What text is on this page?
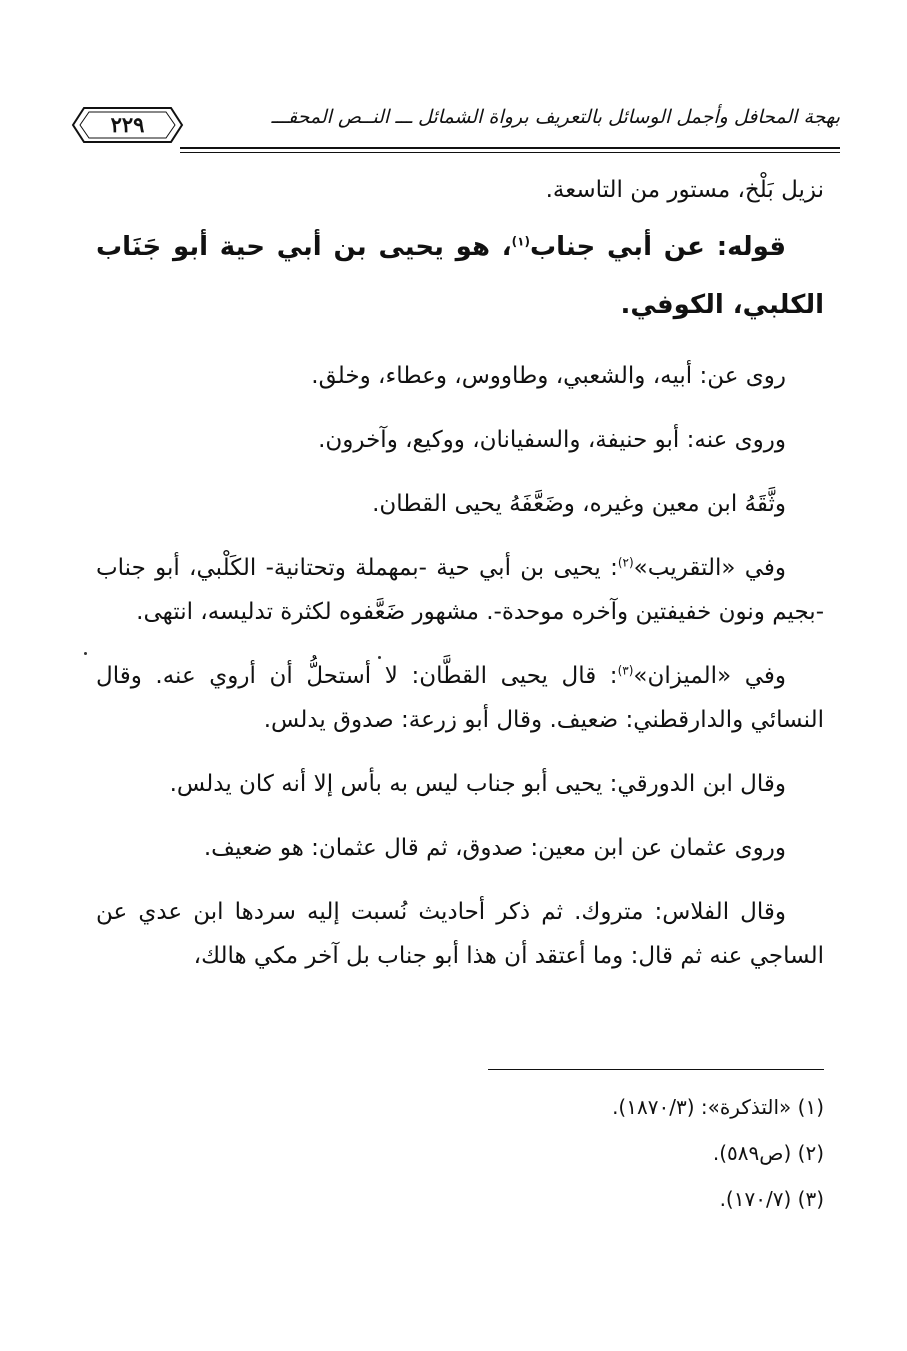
بهجة المحافل وأجمل الوسائل بالتعريف برواة الشمائل ـــ النــص المحقـــ
٢٢٩

نزيل بَلْخ، مستور من التاسعة.

قوله: عن أبي جناب$^{(١)}$، هو يحيى بن أبي حية أبو جَنَاب الكلبي، الكوفي.

روى عن: أبيه، والشعبي، وطاووس، وعطاء، وخلق.

وروى عنه: أبو حنيفة، والسفيانان، ووكيع، وآخرون.

وثَّقَهُ ابن معين وغيره، وضَعَّفَهُ يحيى القطان.

وفي «التقريب»$^{(٢)}$: يحيى بن أبي حية -بمهملة وتحتانية- الكَلْبي، أبو جناب -بجيم ونون خفيفتين وآخره موحدة-. مشهور ضَعَّفوه لكثرة تدليسه، انتهى.

وفي «الميزان»$^{(٣)}$: قال يحيى القطَّان: لا أستحلُّ أن أروي عنه. وقال النسائي والدارقطني: ضعيف. وقال أبو زرعة: صدوق يدلس.

وقال ابن الدورقي: يحيى أبو جناب ليس به بأس إلا أنه كان يدلس.

وروى عثمان عن ابن معين: صدوق، ثم قال عثمان: هو ضعيف.

وقال الفلاس: متروك. ثم ذكر أحاديث نُسبت إليه سردها ابن عدي عن الساجي عنه ثم قال: وما أعتقد أن هذا أبو جناب بل آخر مكي هالك،

(١) «التذكرة»: (١٨٧٠/٣).

(٢) (ص٥٨٩).

(٣) (١٧٠/٧).
